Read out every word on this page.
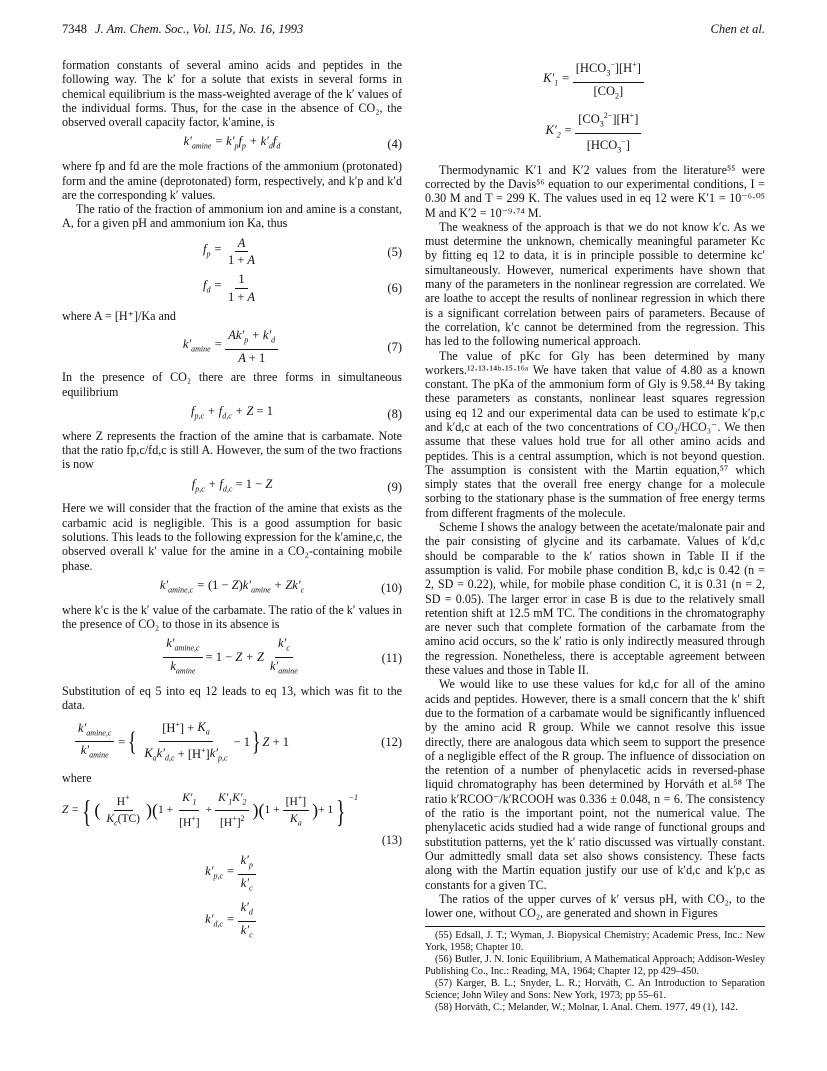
7348 J. Am. Chem. Soc., Vol. 115, No. 16, 1993	Chen et al.

formation constants of several amino acids and peptides in the following way. The k′ for a solute that exists in several forms in chemical equilibrium is the mass-weighted average of the k′ values of the individual forms. Thus, for the case in the absence of CO₂, the observed overall capacity factor, k′amine, is

$k'_{amine} = k'_pf_p + k'_df_d$	(4)

where fp and fd are the mole fractions of the ammonium (protonated) form and the amine (deprotonated) form, respectively, and k′p and k′d are the corresponding k′ values.

The ratio of the fraction of ammonium ion and amine is a constant, A, for a given pH and ammonium ion Ka, thus

$f_p = \frac{A}{1 + A}$	(5)
$f_d = \frac{1}{1 + A}$	(6)

where A = [H⁺]/Ka and

$k'_{amine} = \frac{Ak'_p + k'_d}{A + 1}$	(7)

In the presence of CO₂ there are three forms in simultaneous equilibrium

$f_{p,c} + f_{d,c} + Z = 1$	(8)

where Z represents the fraction of the amine that is carbamate. Note that the ratio fp,c/fd,c is still A. However, the sum of the two fractions is now

$f_{p,c} + f_{d,c} = 1 - Z$	(9)

Here we will consider that the fraction of the amine that exists as the carbamic acid is negligible. This is a good assumption for basic solutions. This leads to the following expression for the k′amine,c, the observed overall k′ value for the amine in a CO₂-containing mobile phase.

$k'_{amine,c} = (1 - Z)k'_{amine} + Zk'_c$	(10)

where k′c is the k′ value of the carbamate. The ratio of the k′ values in the presence of CO₂ to those in its absence is

$\frac{k'_{amine,c}}{k_{amine}} = 1 - Z + Z \frac{k'_c}{k'_{amine}}$	(11)

Substitution of eq 5 into eq 12 leads to eq 13, which was fit to the data.

$\frac{k'_{amine,c}}{k'_{amine}}$ = { $\frac{[H^+] + K_a}{K_ak'_{d,c} + [H^+]k'_{p,c}} - 1$ } Z + 1	(12)

where

Z = { ( $\frac{H^+}{K_c(TC)}$ )( $1 + \frac{K'_1}{[H^+]} + \frac{K'_1K'_2}{[H^+]^2}$ )( $1 + \frac{[H^+]}{K_a}$ ) + 1 } $^{-1}$
(13)
$k'_{p,c} = \frac{k'_p}{k'_c}$
$k'_{d,c} = \frac{k'_d}{k'_c}$
$K'_1 = \frac{[HCO_3^-][H^+]}{[CO_2]}$
$K'_2 = \frac{[CO_3^{2-}][H^+]}{[HCO_3^-]}$

Thermodynamic K′1 and K′2 values from the literature⁵⁵ were corrected by the Davis⁵⁶ equation to our experimental conditions, I = 0.30 M and T = 299 K. The values used in eq 12 were K′1 = 10⁻⁶·⁰⁵ M and K′2 = 10⁻⁹·⁷⁴ M.

The weakness of the approach is that we do not know k′c. As we must determine the unknown, chemically meaningful parameter Kc by fitting eq 12 to data, it is in principle possible to determine kc′ simultaneously. However, numerical experiments have shown that many of the parameters in the nonlinear regression are correlated. We are loathe to accept the results of nonlinear regression in which there is a significant correlation between pairs of parameters. Because of the correlation, k′c cannot be determined from the regression. This has led to the following numerical approach.

The value of pKc for Gly has been determined by many workers.¹²·¹³·¹⁴ᵇ·¹⁵·¹⁶ᵃ We have taken that value of 4.80 as a known constant. The pKa of the ammonium form of Gly is 9.58.⁴⁴ By taking these parameters as constants, nonlinear least squares regression using eq 12 and our experimental data can be used to estimate k′p,c and k′d,c at each of the two concentrations of CO₂/HCO₃⁻. We then assume that these values hold true for all other amino acids and peptides. This is a central assumption, which is not beyond question. The assumption is consistent with the Martin equation,⁵⁷ which simply states that the overall free energy change for a molecule sorbing to the stationary phase is the summation of free energy terms from different fragments of the molecule.

Scheme I shows the analogy between the acetate/malonate pair and the pair consisting of glycine and its carbamate. Values of k′d,c should be comparable to the k′ ratios shown in Table II if the assumption is valid. For mobile phase condition B, kd,c is 0.42 (n = 2, SD = 0.22), while, for mobile phase condition C, it is 0.31 (n = 2, SD = 0.05). The larger error in case B is due to the relatively small retention shift at 12.5 mM TC. The conditions in the chromatography are never such that complete formation of the carbamate from the amino acid occurs, so the k′ ratio is only indirectly measured through the regression. Nonetheless, there is acceptable agreement between these values and those in Table II.

We would like to use these values for kd,c for all of the amino acids and peptides. However, there is a small concern that the k′ shift due to the formation of a carbamate would be significantly influenced by the amino acid R group. While we cannot resolve this issue directly, there are analogous data which seem to support the presence of a negligible effect of the R group. The influence of dissociation on the retention of a number of phenylacetic acids in reversed-phase liquid chromatography has been determined by Horváth et al.⁵⁸ The ratio k′RCOO⁻/k′RCOOH was 0.336 ± 0.048, n = 6. The consistency of the ratio is the important point, not the numerical value. The phenylacetic acids studied had a wide range of functional groups and substitution patterns, yet the k′ ratio discussed was virtually constant. Our admittedly small data set also shows consistency. These facts along with the Martin equation justify our use of k′d,c and k′p,c as constants for a given TC.

The ratios of the upper curves of k′ versus pH, with CO₂, to the lower one, without CO₂, are generated and shown in Figures

(55) Edsall, J. T.; Wyman, J. Biopysical Chemistry; Academic Press, Inc.: New York, 1958; Chapter 10.

(56) Butler, J. N. Ionic Equilibrium, A Mathematical Approach; Addison-Wesley Publishing Co., Inc.: Reading, MA, 1964; Chapter 12, pp 429–450.

(57) Karger, B. L.; Snyder, L. R.; Horváth, C. An Introduction to Separation Science; John Wiley and Sons: New York, 1973; pp 55–61.

(58) Horváth, C.; Melander, W.; Molnar, I. Anal. Chem. 1977, 49 (1), 142.
